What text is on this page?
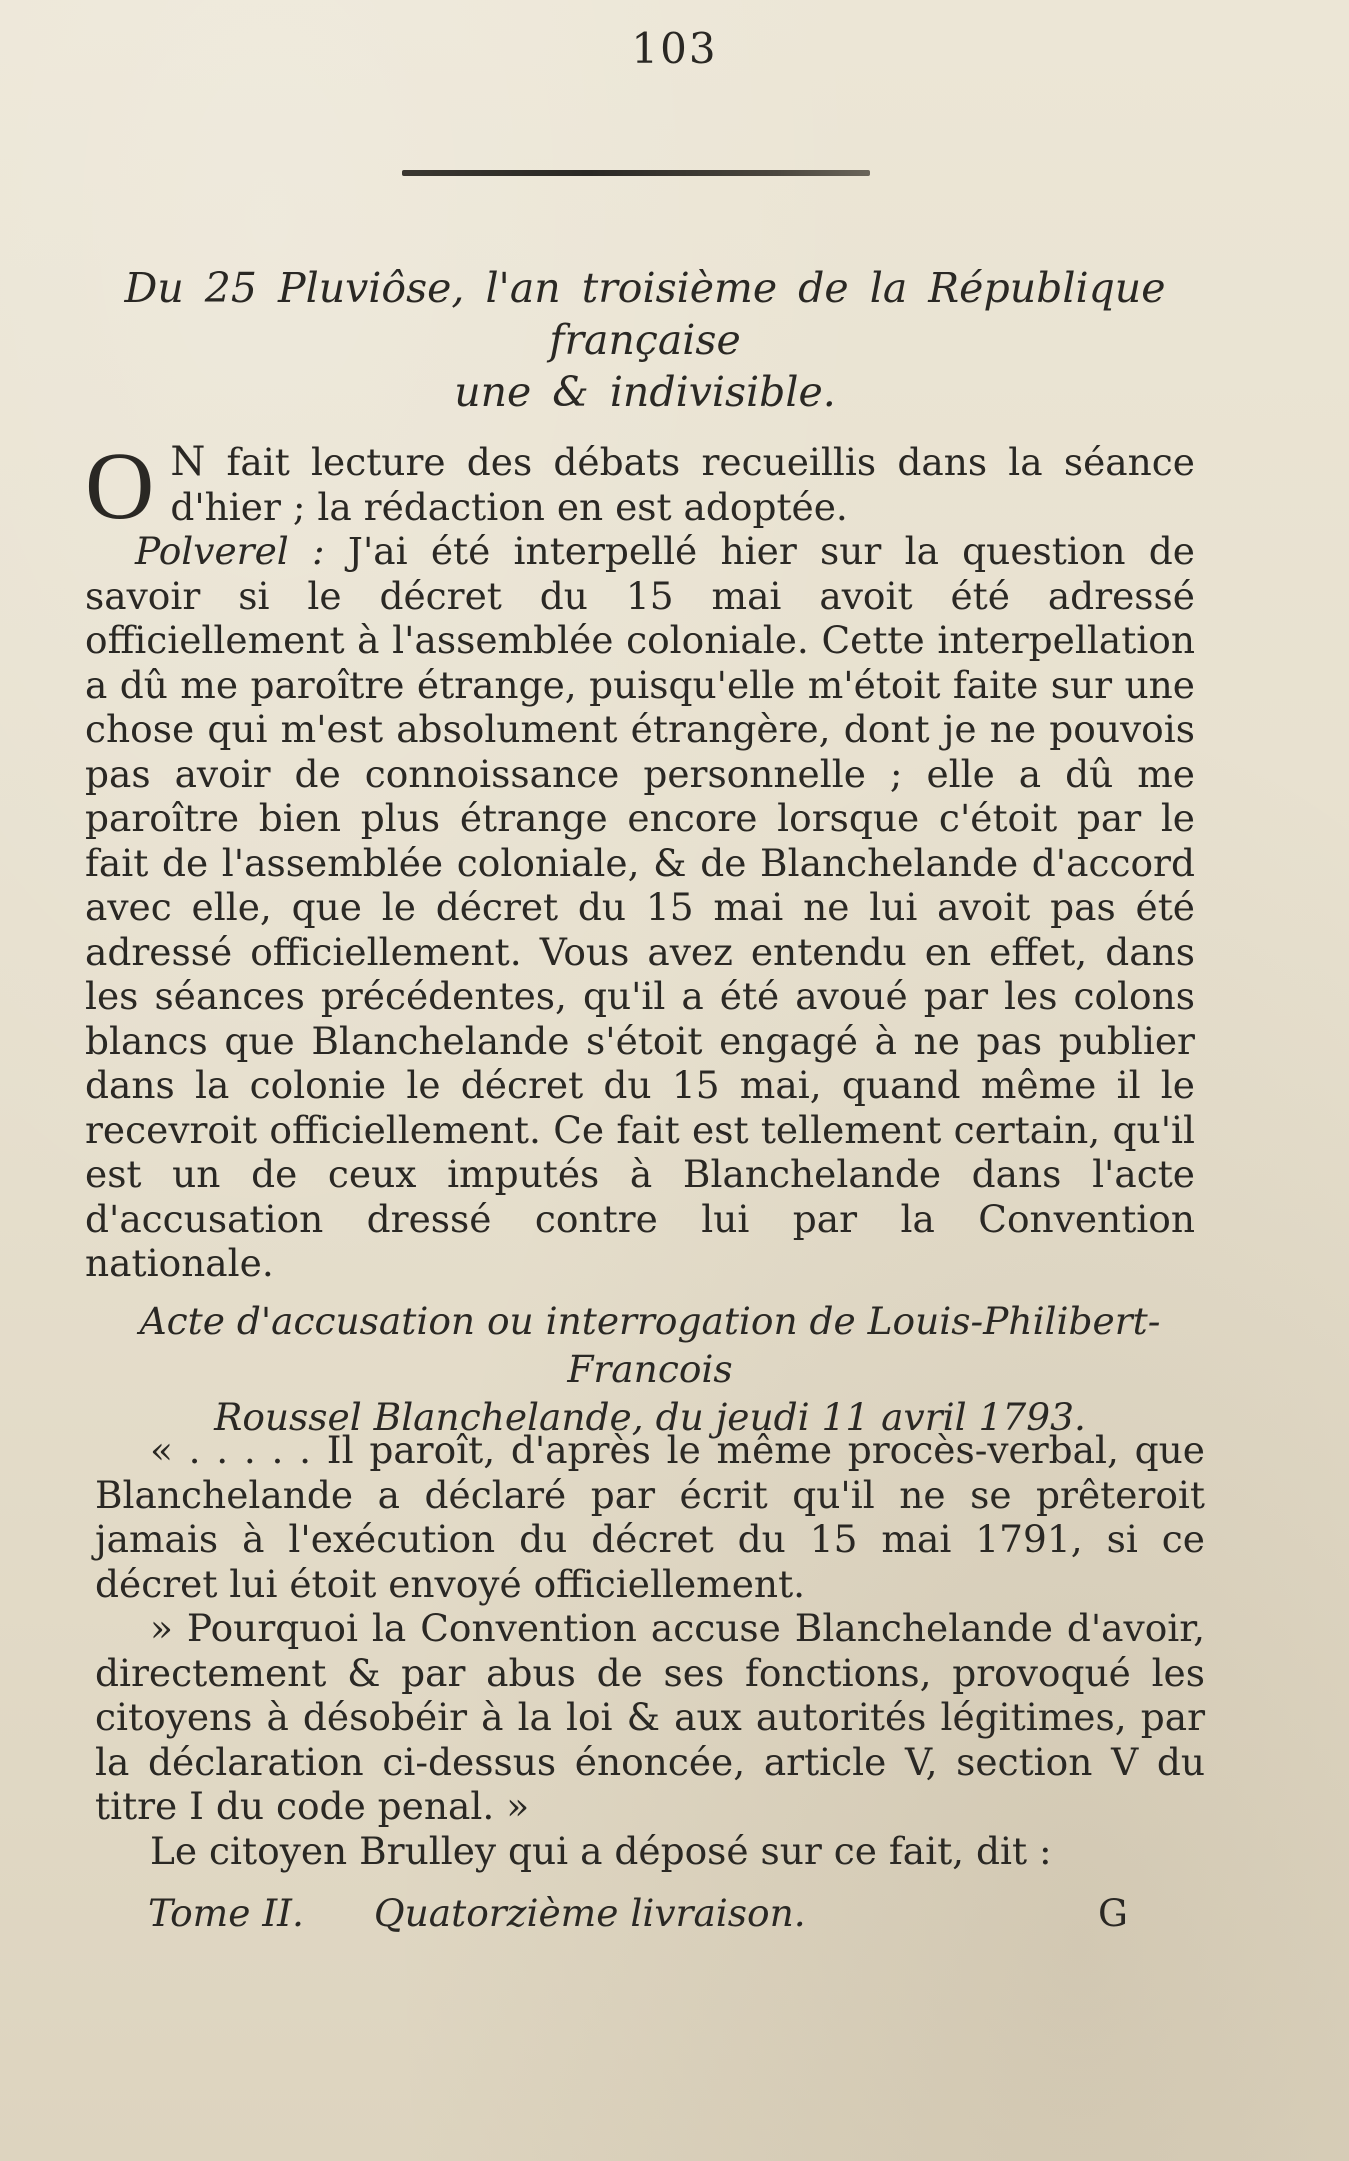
103
Du 25 Pluviôse, l'an troisième de la République française
une & indivisible.

O N fait lecture des débats recueillis dans la séance d'hier ; la rédaction en est adoptée.

Polverel : J'ai été interpellé hier sur la question de savoir si le décret du 15 mai avoit été adressé officiellement à l'assemblée coloniale. Cette interpellation a dû me paroître étrange, puisqu'elle m'étoit faite sur une chose qui m'est absolument étrangère, dont je ne pouvois pas avoir de connoissance personnelle ; elle a dû me paroître bien plus étrange encore lorsque c'étoit par le fait de l'assemblée coloniale, & de Blanchelande d'accord avec elle, que le décret du 15 mai ne lui avoit pas été adressé officiellement. Vous avez entendu en effet, dans les séances précédentes, qu'il a été avoué par les colons blancs que Blanchelande s'étoit engagé à ne pas publier dans la colonie le décret du 15 mai, quand même il le recevroit officiellement. Ce fait est tellement certain, qu'il est un de ceux imputés à Blanchelande dans l'acte d'accusation dressé contre lui par la Convention nationale.

Acte d'accusation ou interrogation de Louis-Philibert-Francois
Roussel Blanchelande, du jeudi 11 avril 1793.

« . . . . . Il paroît, d'après le même procès-verbal, que Blanchelande a déclaré par écrit qu'il ne se prêteroit jamais à l'exécution du décret du 15 mai 1791, si ce décret lui étoit envoyé officiellement.

» Pourquoi la Convention accuse Blanchelande d'avoir, directement & par abus de ses fonctions, provoqué les citoyens à désobéir à la loi & aux autorités légitimes, par la déclaration ci-dessus énoncée, article V, section V du titre I du code penal. »

Le citoyen Brulley qui a déposé sur ce fait, dit :

Tome II. Quatorzième livraison.	G
